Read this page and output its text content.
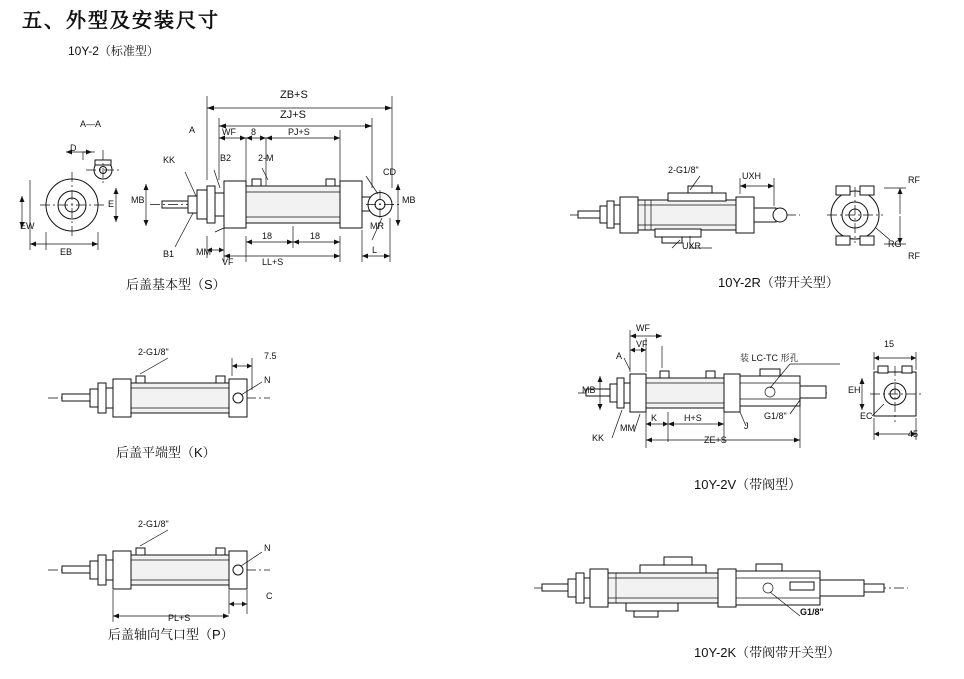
五、外型及安装尺寸
10Y-2（标准型）
ZB+S
ZJ+S
A—A
D
A	WF 8	PJ+S
KK	B2	2-M
CD
EW
E MB	MB
EB	B1 MM
VF
18	18
LL+S
L
MR
后盖基本型（S）
2-G1/8"
UXH
UXR
RF
RF
RG
10Y-2R（带开关型）
2-G1/8"	7.5
N
后盖平端型（K）
WF
VF
A
MB
KK
MM
K	H+S
J
G1/8"
ZE+S
装 LC-TC 形孔
15
EH
EC
45
10Y-2V（带阀型）
2-G1/8"
N
C
PL+S
后盖轴向气口型（P）
G1/8"
10Y-2K（带阀带开关型）
